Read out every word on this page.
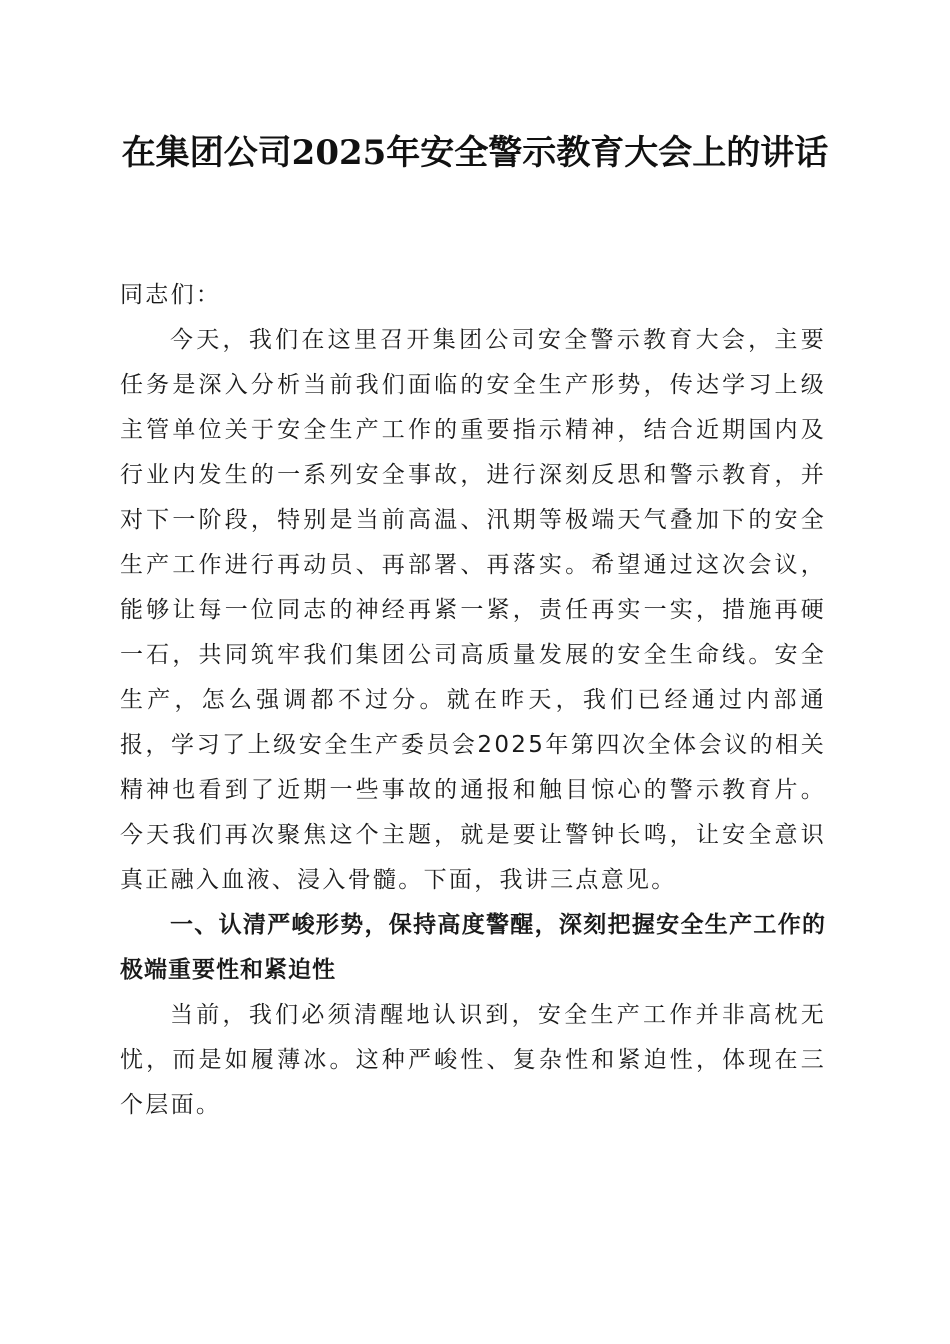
在集团公司2025年安全警示教育大会上的讲话

同志们：

今天，我们在这里召开集团公司安全警示教育大会，主要任务是深入分析当前我们面临的安全生产形势，传达学习上级主管单位关于安全生产工作的重要指示精神，结合近期国内及行业内发生的一系列安全事故，进行深刻反思和警示教育，并对下一阶段，特别是当前高温、汛期等极端天气叠加下的安全生产工作进行再动员、再部署、再落实。希望通过这次会议，能够让每一位同志的神经再紧一紧，责任再实一实，措施再硬一石，共同筑牢我们集团公司高质量发展的安全生命线。安全生产，怎么强调都不过分。就在昨天，我们已经通过内部通报，学习了上级安全生产委员会2025年第四次全体会议的相关精神也看到了近期一些事故的通报和触目惊心的警示教育片。今天我们再次聚焦这个主题，就是要让警钟长鸣，让安全意识真正融入血液、浸入骨髓。下面，我讲三点意见。

一、认清严峻形势，保持高度警醒，深刻把握安全生产工作的极端重要性和紧迫性

当前，我们必须清醒地认识到，安全生产工作并非高枕无忧，而是如履薄冰。这种严峻性、复杂性和紧迫性，体现在三个层面。
